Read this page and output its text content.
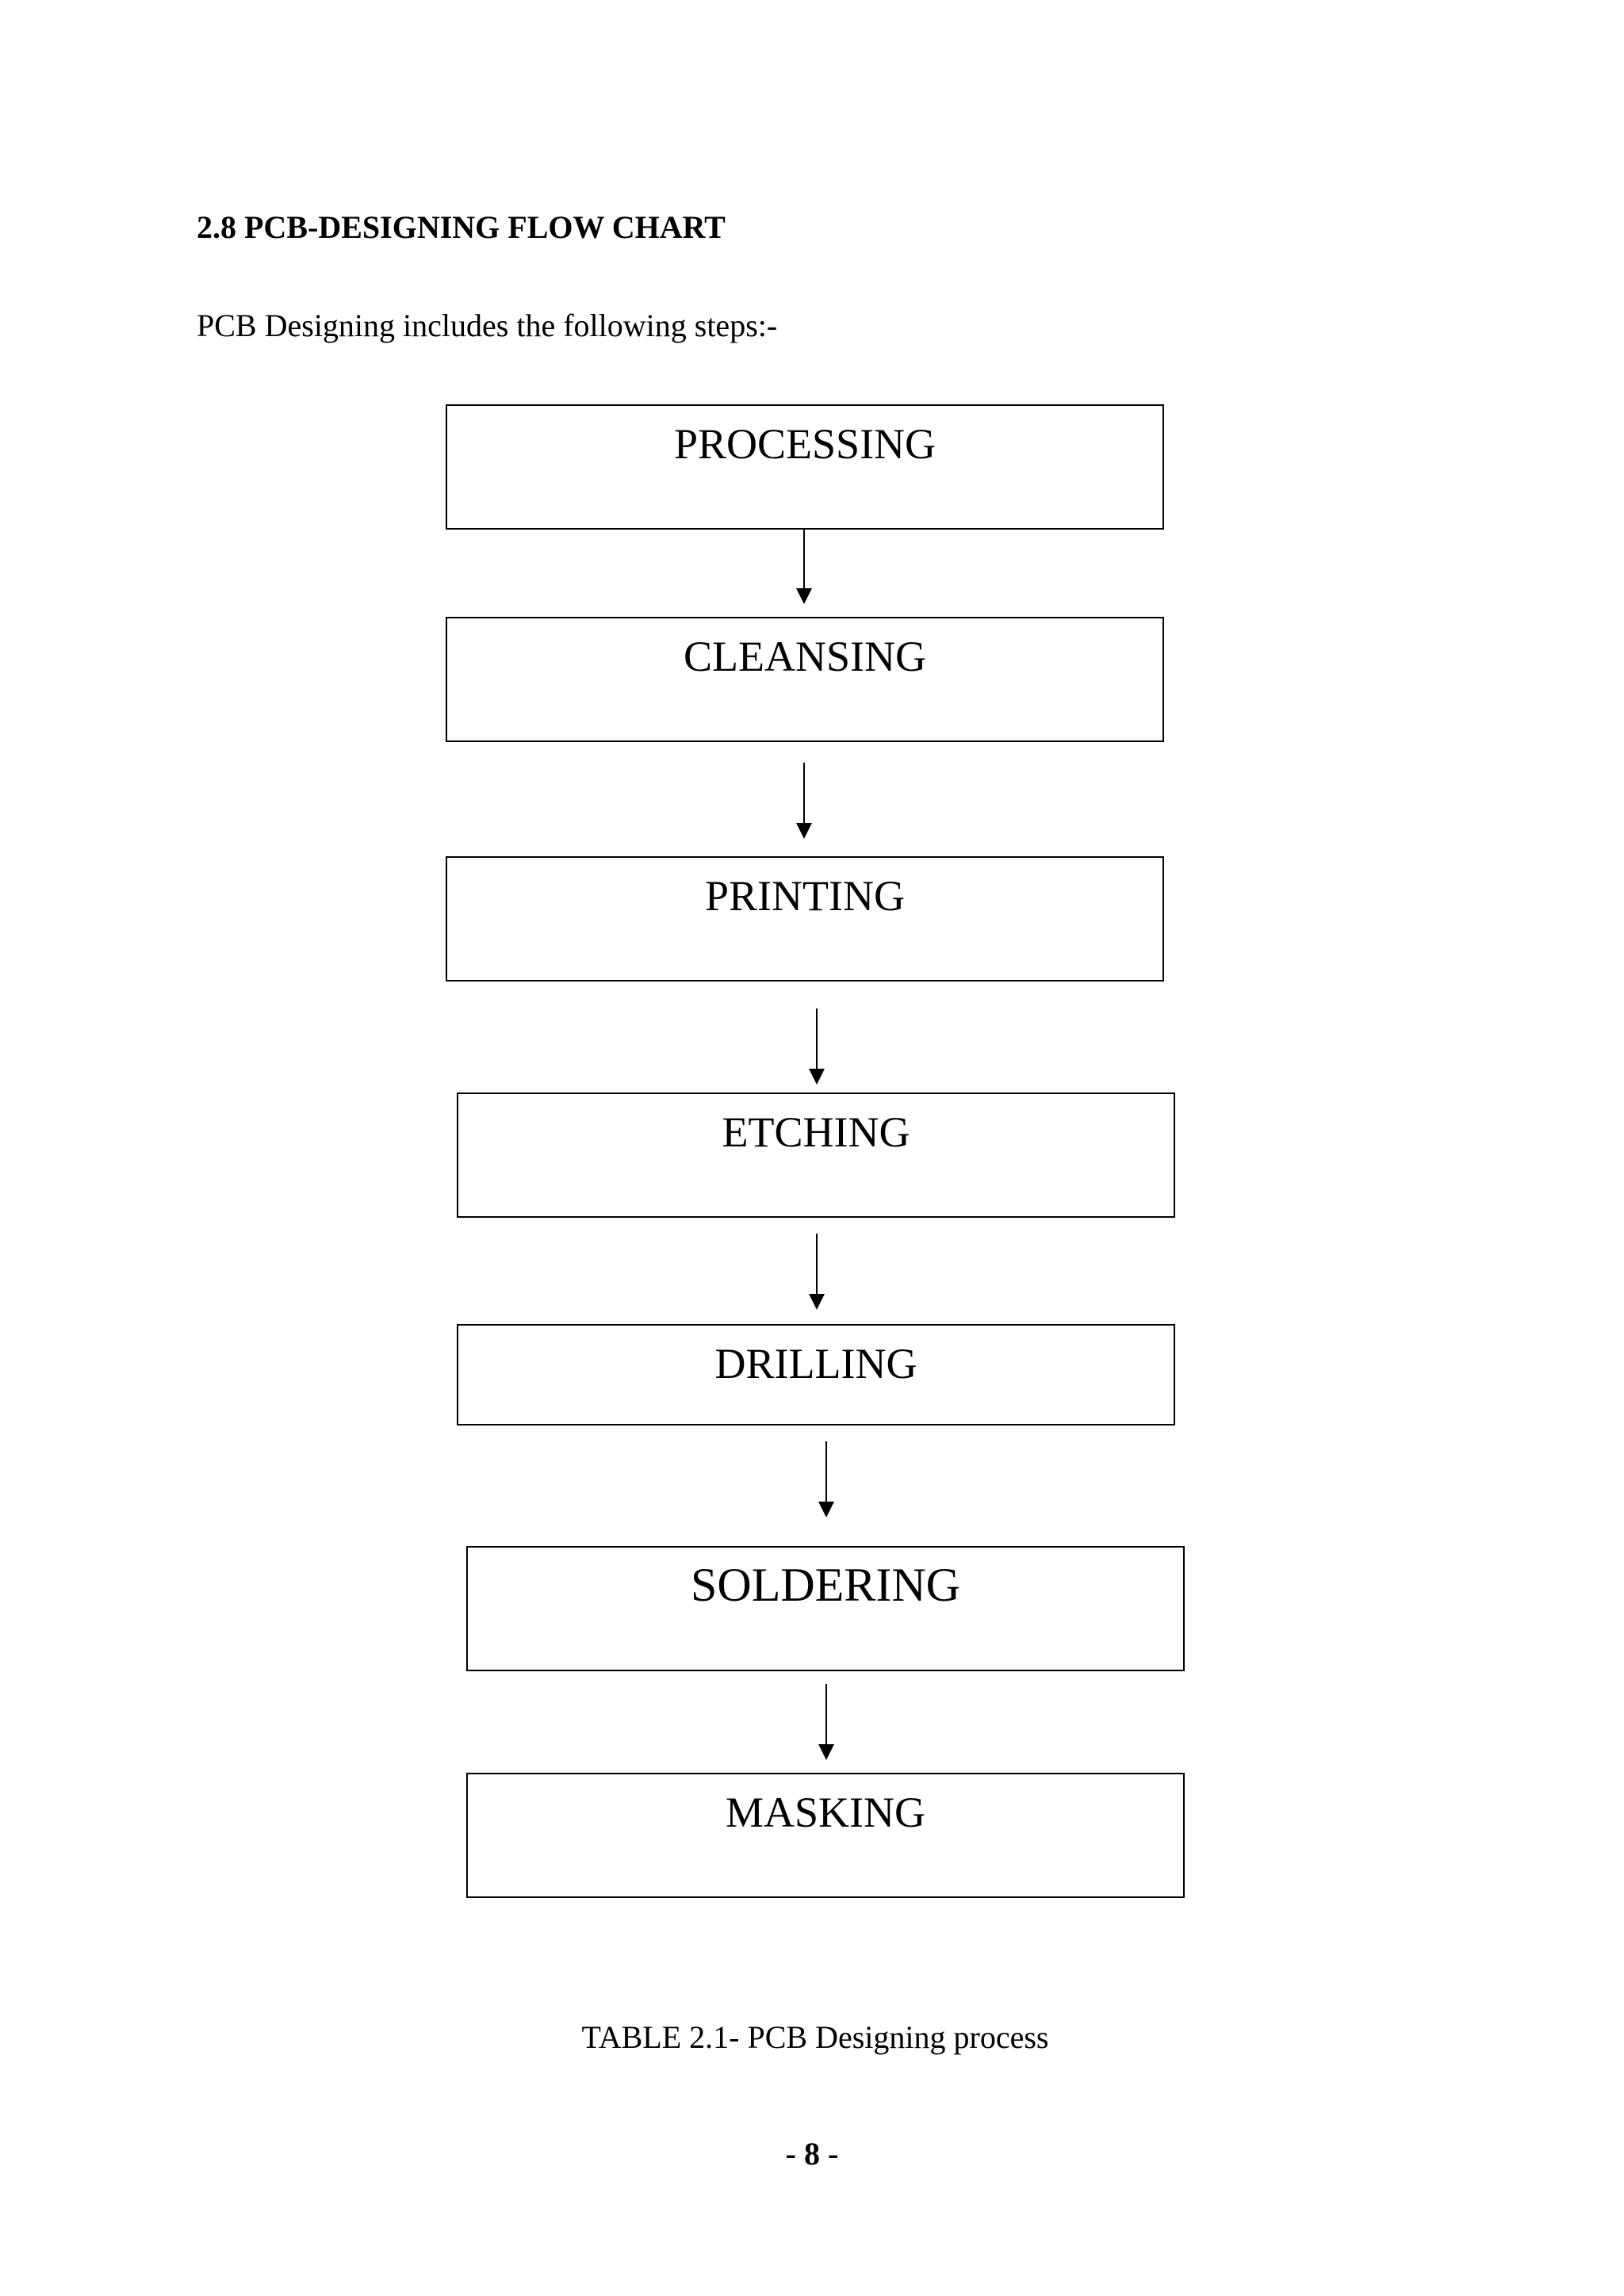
2.8 PCB-DESIGNING FLOW CHART
PCB Designing includes the following steps:-
PROCESSING
CLEANSING
PRINTING
ETCHING
DRILLING
SOLDERING
MASKING
TABLE 2.1- PCB Designing process
- 8 -
